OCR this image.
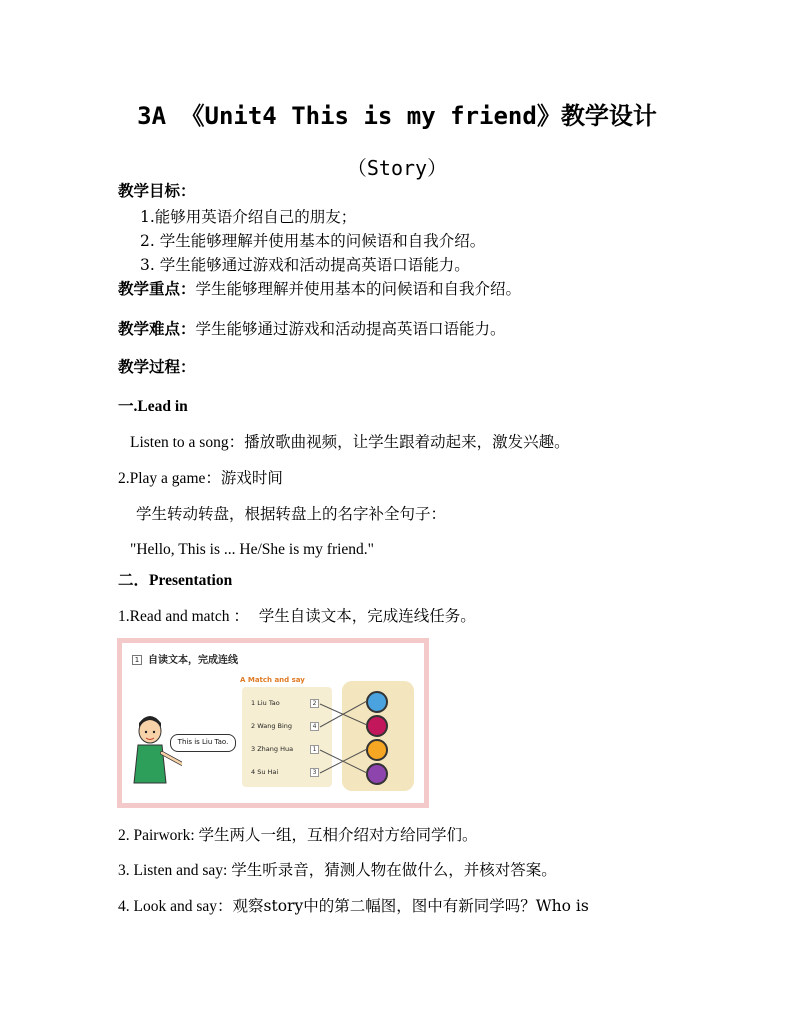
3A 《Unit4 This is my friend》教学设计
（Story）
教学目标：
1.能够用英语介绍自己的朋友；
2. 学生能够理解并使用基本的问候语和自我介绍。
3. 学生能够通过游戏和活动提高英语口语能力。
教学重点：学生能够理解并使用基本的问候语和自我介绍。
教学难点：学生能够通过游戏和活动提高英语口语能力。
教学过程：
一.Lead in
Listen to a song：播放歌曲视频，让学生跟着动起来，激发兴趣。
2.Play a game：游戏时间
学生转动转盘，根据转盘上的名字补全句子：
"Hello, This is ... He/She is my friend."
二．Presentation
1.Read and match ： 学生自读文本，完成连线任务。
1 自读文本，完成连线
A Match and say
1 Liu Tao
2 Wang Bing
3 Zhang Hua
4 Su Hai
2
4
1
3
This is Liu Tao.
2. Pairwork: 学生两人一组，互相介绍对方给同学们。
3. Listen and say: 学生听录音，猜测人物在做什么，并核对答案。
4. Look and say：观察story中的第二幅图，图中有新同学吗？Who is
